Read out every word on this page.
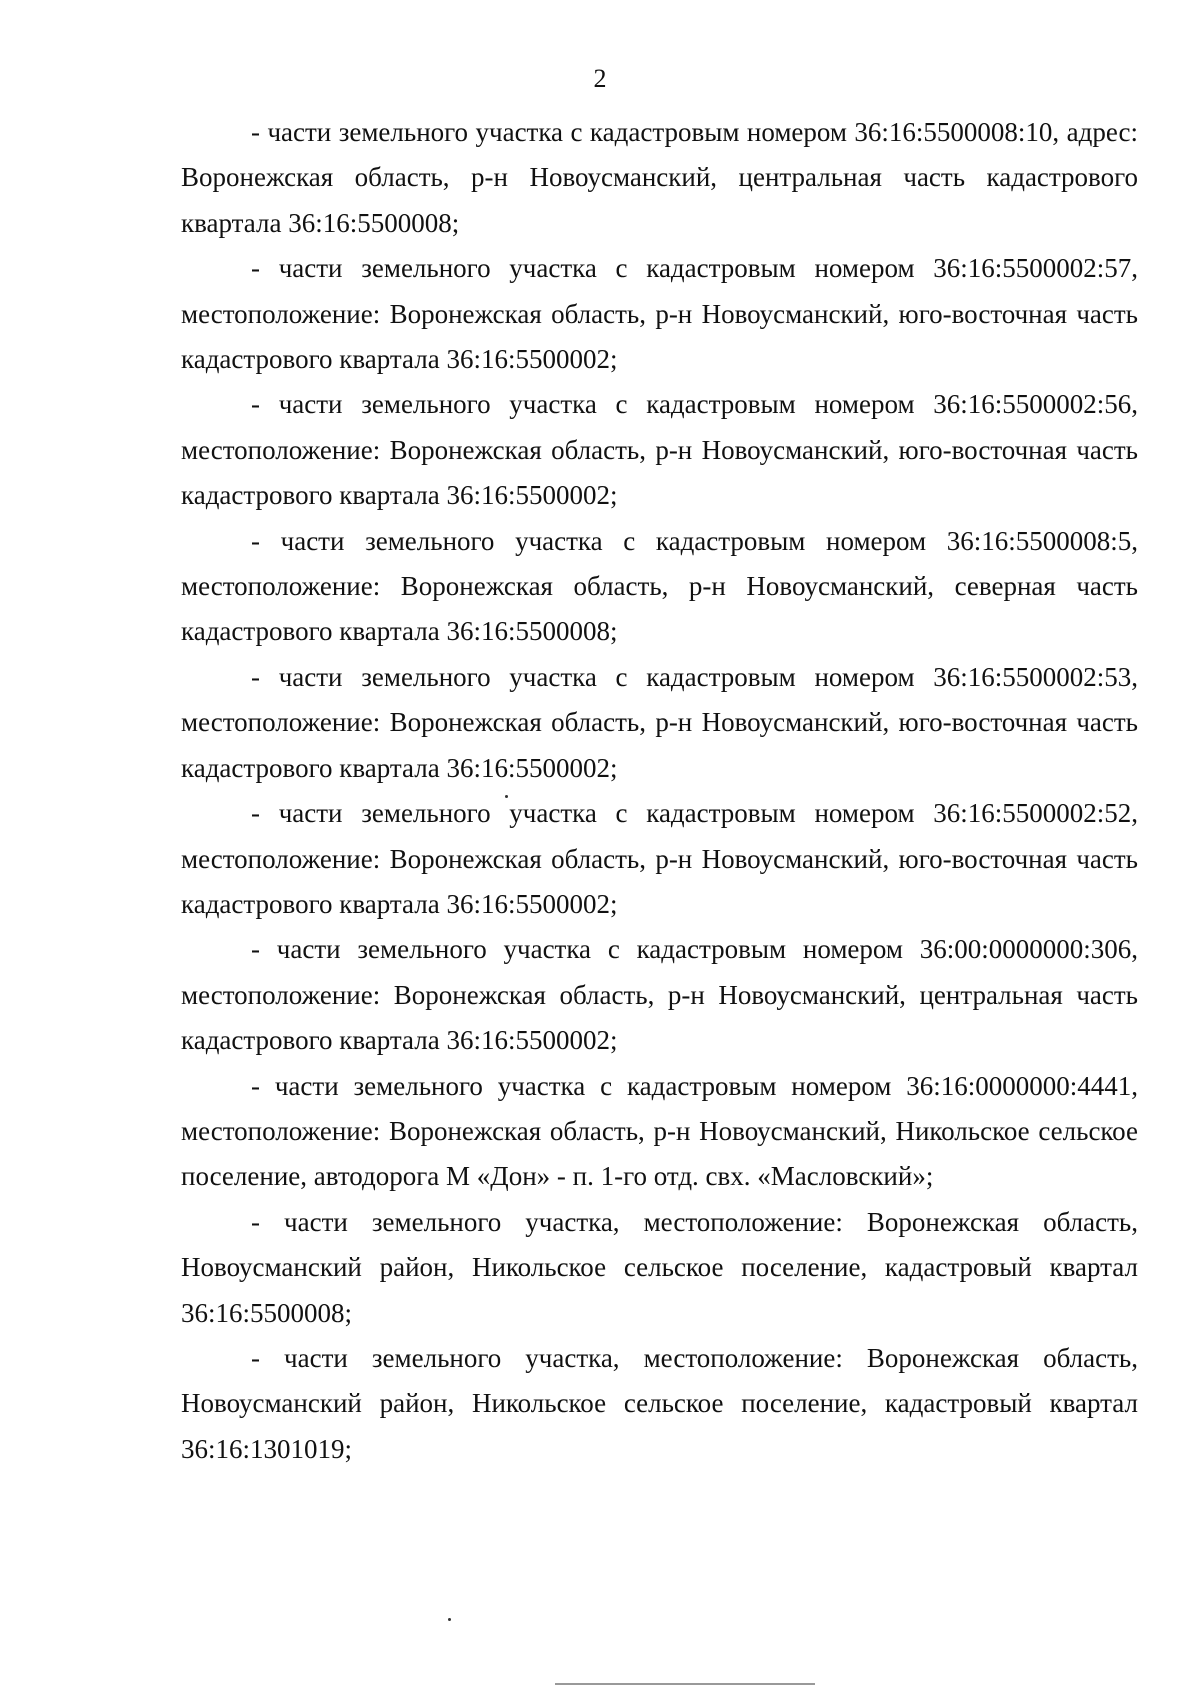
2

- части земельного участка с кадастровым номером 36:16:5500008:10, адрес: Воронежская область, р-н Новоусманский, центральная часть кадастрового квартала 36:16:5500008;

- части земельного участка с кадастровым номером 36:16:5500002:57, местоположение: Воронежская область, р-н Новоусманский, юго-восточная часть кадастрового квартала 36:16:5500002;

- части земельного участка с кадастровым номером 36:16:5500002:56, местоположение: Воронежская область, р-н Новоусманский, юго-восточная часть кадастрового квартала 36:16:5500002;

- части земельного участка с кадастровым номером 36:16:5500008:5, местоположение: Воронежская область, р-н Новоусманский, северная часть кадастрового квартала 36:16:5500008;

- части земельного участка с кадастровым номером 36:16:5500002:53, местоположение: Воронежская область, р-н Новоусманский, юго-восточная часть кадастрового квартала 36:16:5500002;

- части земельного участка с кадастровым номером 36:16:5500002:52, местоположение: Воронежская область, р-н Новоусманский, юго-восточная часть кадастрового квартала 36:16:5500002;

- части земельного участка с кадастровым номером 36:00:0000000:306, местоположение: Воронежская область, р-н Новоусманский, центральная часть кадастрового квартала 36:16:5500002;

- части земельного участка с кадастровым номером 36:16:0000000:4441, местоположение: Воронежская область, р-н Новоусманский, Никольское сельское поселение, автодорога М «Дон» - п. 1-го отд. свх. «Масловский»;

- части земельного участка, местоположение: Воронежская область, Новоусманский район, Никольское сельское поселение, кадастровый квартал 36:16:5500008;

- части земельного участка, местоположение: Воронежская область, Новоусманский район, Никольское сельское поселение, кадастровый квартал 36:16:1301019;
